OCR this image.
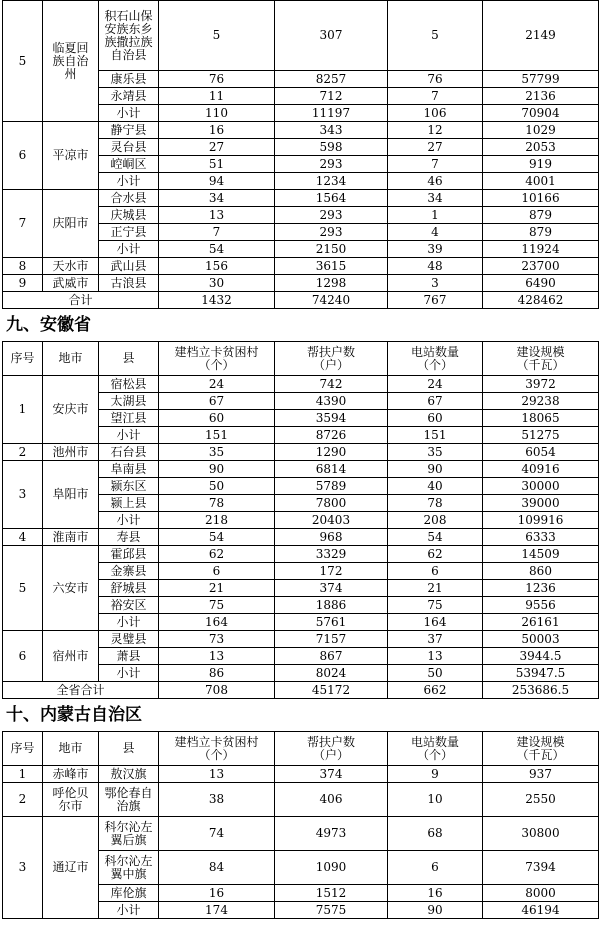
5	临夏回
族自治
州	积石山保
安族东乡
族撒拉族
自治县	5	307	5	2149
		康乐县	76	8257	76	57799
		永靖县	11	712	7	2136
		小计	110	11197	106	70904
6	平凉市	静宁县	16	343	12	1029
		灵台县	27	598	27	2053
		崆峒区	51	293	7	919
		小计	94	1234	46	4001
7	庆阳市	合水县	34	1564	34	10166
		庆城县	13	293	1	879
		正宁县	7	293	4	879
		小计	54	2150	39	11924
8	天水市	武山县	156	3615	48	23700
9	武威市	古浪县	30	1298	3	6490
合计			1432	74240	767	428462
九、安徽省
序号	地市	县	建档立卡贫困村
（个）	帮扶户数
（户）	电站数量
（个）	建设规模
（千瓦）
1	安庆市	宿松县	24	742	24	3972
		太湖县	67	4390	67	29238
		望江县	60	3594	60	18065
		小计	151	8726	151	51275
2	池州市	石台县	35	1290	35	6054
3	阜阳市	阜南县	90	6814	90	40916
		颍东区	50	5789	40	30000
		颍上县	78	7800	78	39000
		小计	218	20403	208	109916
4	淮南市	寿县	54	968	54	6333
5	六安市	霍邱县	62	3329	62	14509
		金寨县	6	172	6	860
		舒城县	21	374	21	1236
		裕安区	75	1886	75	9556
		小计	164	5761	164	26161
6	宿州市	灵璧县	73	7157	37	50003
		萧县	13	867	13	3944.5
		小计	86	8024	50	53947.5
全省合计			708	45172	662	253686.5
十、内蒙古自治区
序号	地市	县	建档立卡贫困村
（个）	帮扶户数
（户）	电站数量
（个）	建设规模
（千瓦）
1	赤峰市	敖汉旗	13	374	9	937
2	呼伦贝
尔市	鄂伦春自
治旗	38	406	10	2550
3	通辽市	科尔沁左
翼后旗	74	4973	68	30800
		科尔沁左
翼中旗	84	1090	6	7394
		库伦旗	16	1512	16	8000
		小计	174	7575	90	46194
